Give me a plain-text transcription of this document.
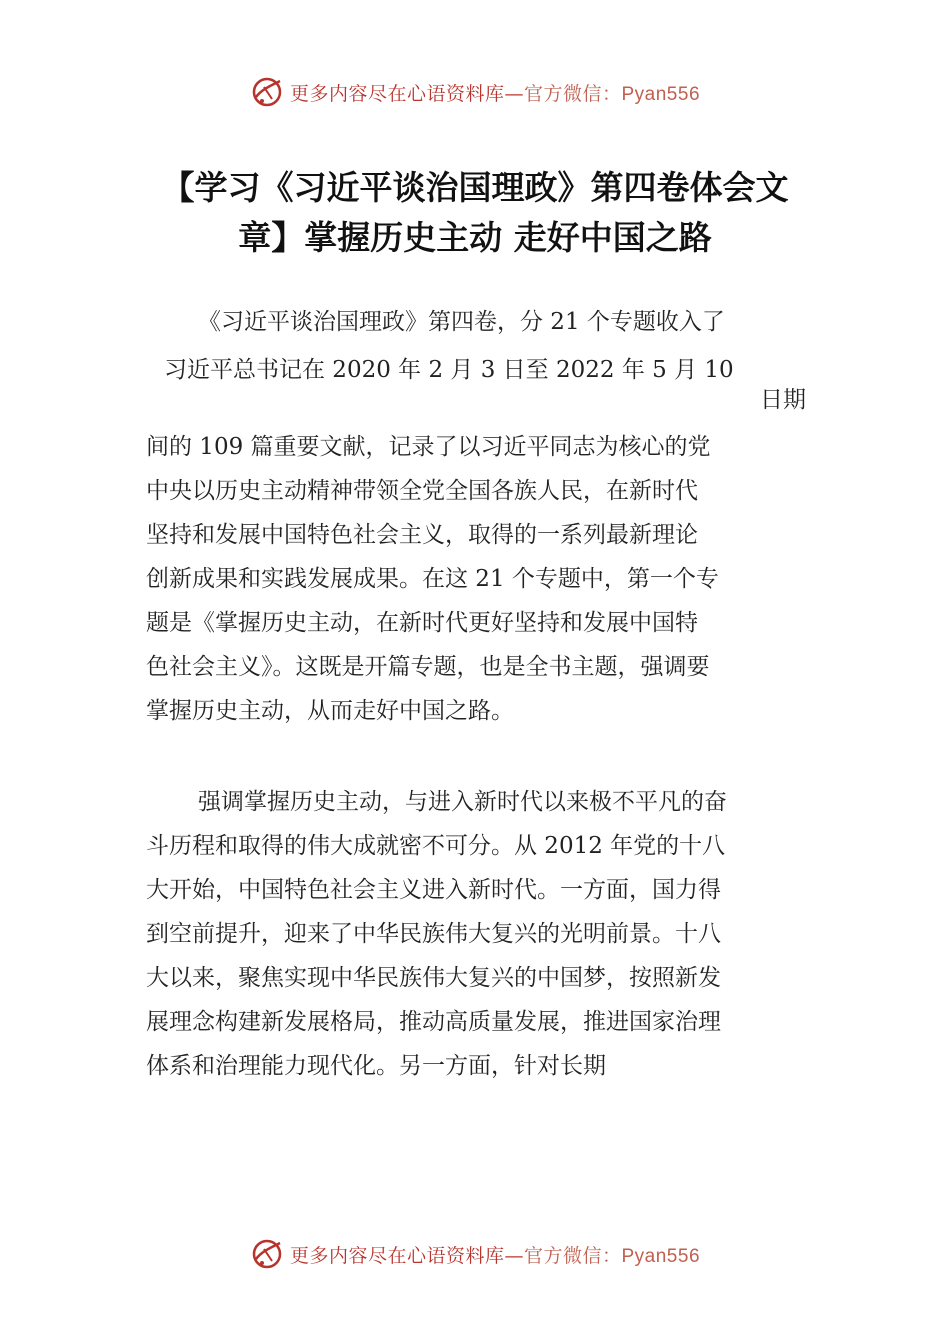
更多内容尽在心语资料库—官方微信：Pyan556
【学习《习近平谈治国理政》第四卷体会文
章】掌握历史主动 走好中国之路
《习近平谈治国理政》第四卷，分 21 个专题收入了
习近平总书记在 2020 年 2 月 3 日至 2022 年 5 月 10
日期
间的 109 篇重要文献，记录了以习近平同志为核心的党
中央以历史主动精神带领全党全国各族人民，在新时代
坚持和发展中国特色社会主义，取得的一系列最新理论
创新成果和实践发展成果。在这 21 个专题中，第一个专
题是《掌握历史主动，在新时代更好坚持和发展中国特
色社会主义》。这既是开篇专题，也是全书主题，强调要
掌握历史主动，从而走好中国之路。
强调掌握历史主动，与进入新时代以来极不平凡的奋
斗历程和取得的伟大成就密不可分。从 2012 年党的十八
大开始，中国特色社会主义进入新时代。一方面，国力得
到空前提升，迎来了中华民族伟大复兴的光明前景。十八
大以来，聚焦实现中华民族伟大复兴的中国梦，按照新发
展理念构建新发展格局，推动高质量发展，推进国家治理
体系和治理能力现代化。另一方面，针对长期
更多内容尽在心语资料库—官方微信：Pyan556
